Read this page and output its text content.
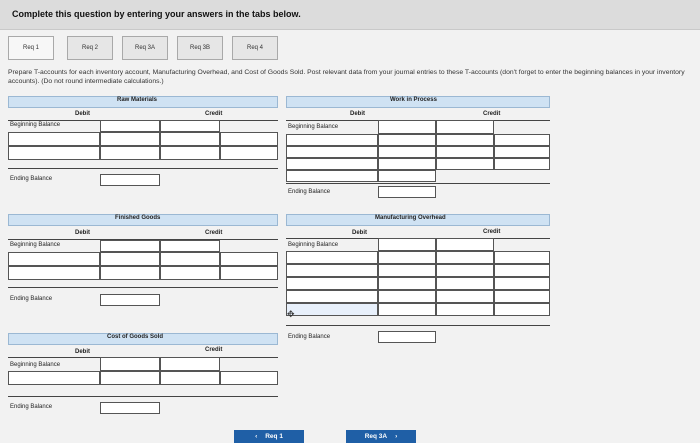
Complete this question by entering your answers in the tabs below.
Req 1	Req 2	Req 3A	Req 3B	Req 4
Prepare T-accounts for each inventory account, Manufacturing Overhead, and Cost of Goods Sold. Post relevant data from your journal entries to these T-accounts (don't forget to enter the beginning balances in your inventory accounts). (Do not round intermediate calculations.)
Raw Materials
Debit	Credit
Beginning Balance
Ending Balance
Finished Goods
Debit	Credit
Beginning Balance
Ending Balance
Cost of Goods Sold
Debit	Credit
Beginning Balance
Ending Balance
Work in Process
Debit	Credit
Beginning Balance
Ending Balance
Manufacturing Overhead
Debit	Credit
Beginning Balance
✥
Ending Balance
‹ Req 1	Req 3A ›
